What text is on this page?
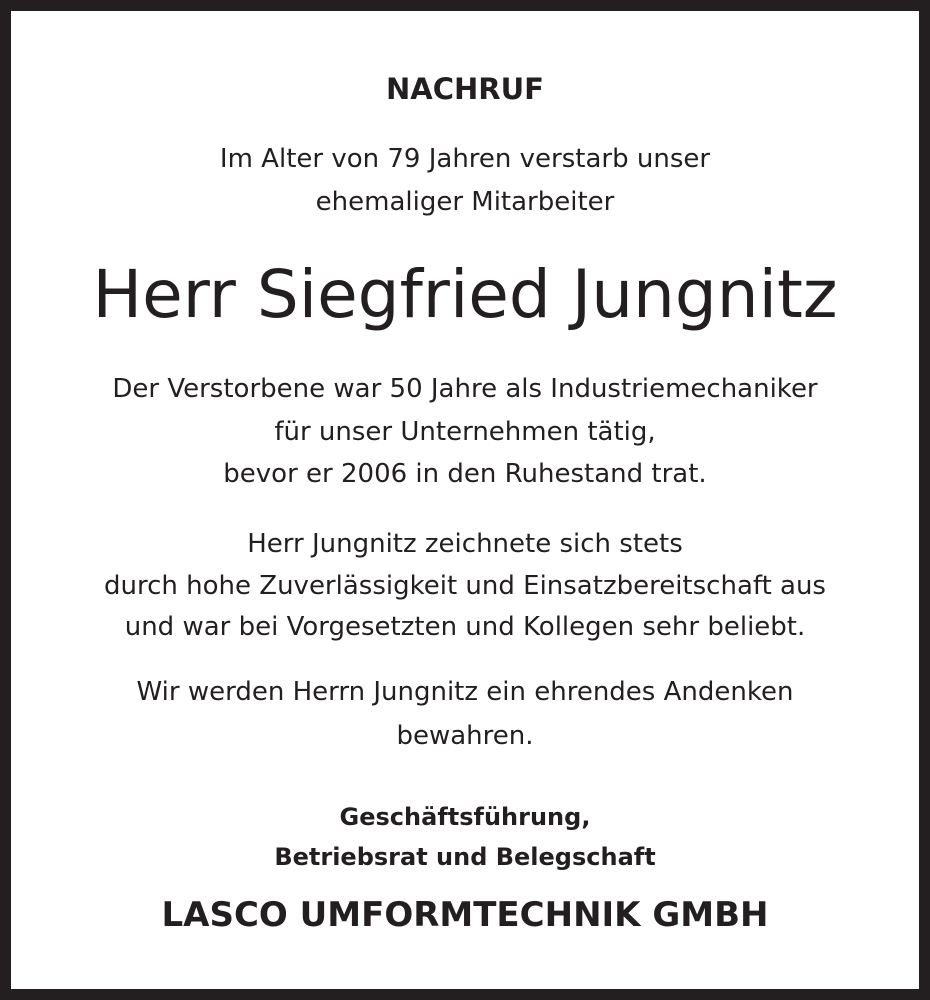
NACHRUF
Im Alter von 79 Jahren verstarb unser
ehemaliger Mitarbeiter
Herr Siegfried Jungnitz
Der Verstorbene war 50 Jahre als Industriemechaniker
für unser Unternehmen tätig,
bevor er 2006 in den Ruhestand trat.
Herr Jungnitz zeichnete sich stets
durch hohe Zuverlässigkeit und Einsatzbereitschaft aus
und war bei Vorgesetzten und Kollegen sehr beliebt.
Wir werden Herrn Jungnitz ein ehrendes Andenken
bewahren.
Geschäftsführung,
Betriebsrat und Belegschaft
LASCO UMFORMTECHNIK GMBH
